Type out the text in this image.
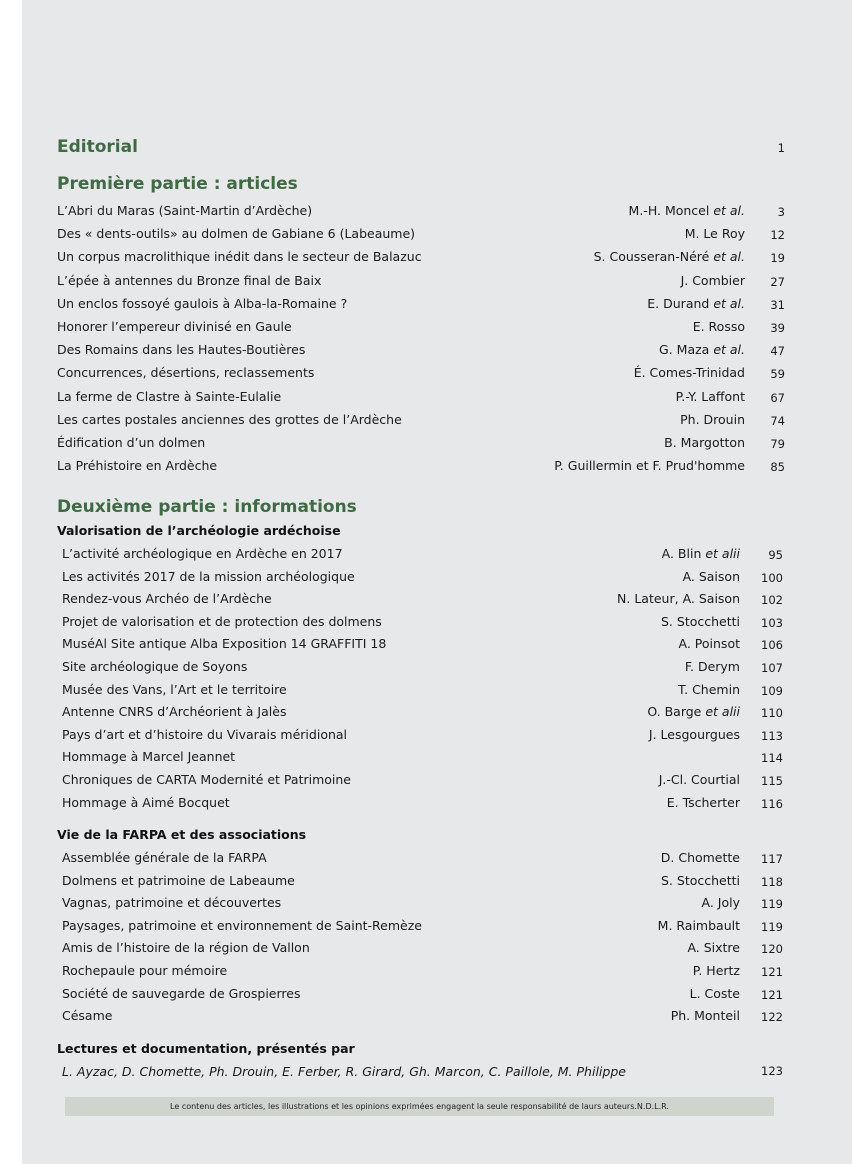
Editorial	1
Première partie : articles
L’Abri du Maras (Saint-Martin d’Ardèche)	M.-H. Moncel et al.	3
Des « dents-outils» au dolmen de Gabiane 6 (Labeaume)	M. Le Roy	12
Un corpus macrolithique inédit dans le secteur de Balazuc	S. Cousseran-Néré et al.	19
L’épée à antennes du Bronze final de Baix	J. Combier	27
Un enclos fossoyé gaulois à Alba-la-Romaine ?	E. Durand et al.	31
Honorer l’empereur divinisé en Gaule	E. Rosso	39
Des Romains dans les Hautes-Boutières	G. Maza et al.	47
Concurrences, désertions, reclassements	É. Comes-Trinidad	59
La ferme de Clastre à Sainte-Eulalie	P.-Y. Laffont	67
Les cartes postales anciennes des grottes de l’Ardèche	Ph. Drouin	74
Édification d’un dolmen	B. Margotton	79
La Préhistoire en Ardèche	P. Guillermin et F. Prud'homme	85
Deuxième partie : informations
Valorisation de l’archéologie ardéchoise
L’activité archéologique en Ardèche en 2017	A. Blin et alii	95
Les activités 2017 de la mission archéologique	A. Saison	100
Rendez-vous Archéo de l’Ardèche	N. Lateur, A. Saison	102
Projet de valorisation et de protection des dolmens	S. Stocchetti	103
MuséAl Site antique Alba Exposition 14 GRAFFITI 18	A. Poinsot	106
Site archéologique de Soyons	F. Derym	107
Musée des Vans, l’Art et le territoire	T. Chemin	109
Antenne CNRS d’Archéorient à Jalès	O. Barge et alii	110
Pays d’art et d’histoire du Vivarais méridional	J. Lesgourgues	113
Hommage à Marcel Jeannet	114
Chroniques de CARTA Modernité et Patrimoine	J.-Cl. Courtial	115
Hommage à Aimé Bocquet	E. Tscherter	116
Vie de la FARPA et des associations
Assemblée générale de la FARPA	D. Chomette	117
Dolmens et patrimoine de Labeaume	S. Stocchetti	118
Vagnas, patrimoine et découvertes	A. Joly	119
Paysages, patrimoine et environnement de Saint-Remèze	M. Raimbault	119
Amis de l’histoire de la région de Vallon	A. Sixtre	120
Rochepaule pour mémoire	P. Hertz	121
Société de sauvegarde de Grospierres	L. Coste	121
Césame	Ph. Monteil	122
Lectures et documentation, présentés par
L. Ayzac, D. Chomette, Ph. Drouin, E. Ferber, R. Girard, Gh. Marcon, C. Paillole, M. Philippe	123
Le contenu des articles, les illustrations et les opinions exprimées engagent la seule responsabilité de laurs auteurs.N.D.L.R.
